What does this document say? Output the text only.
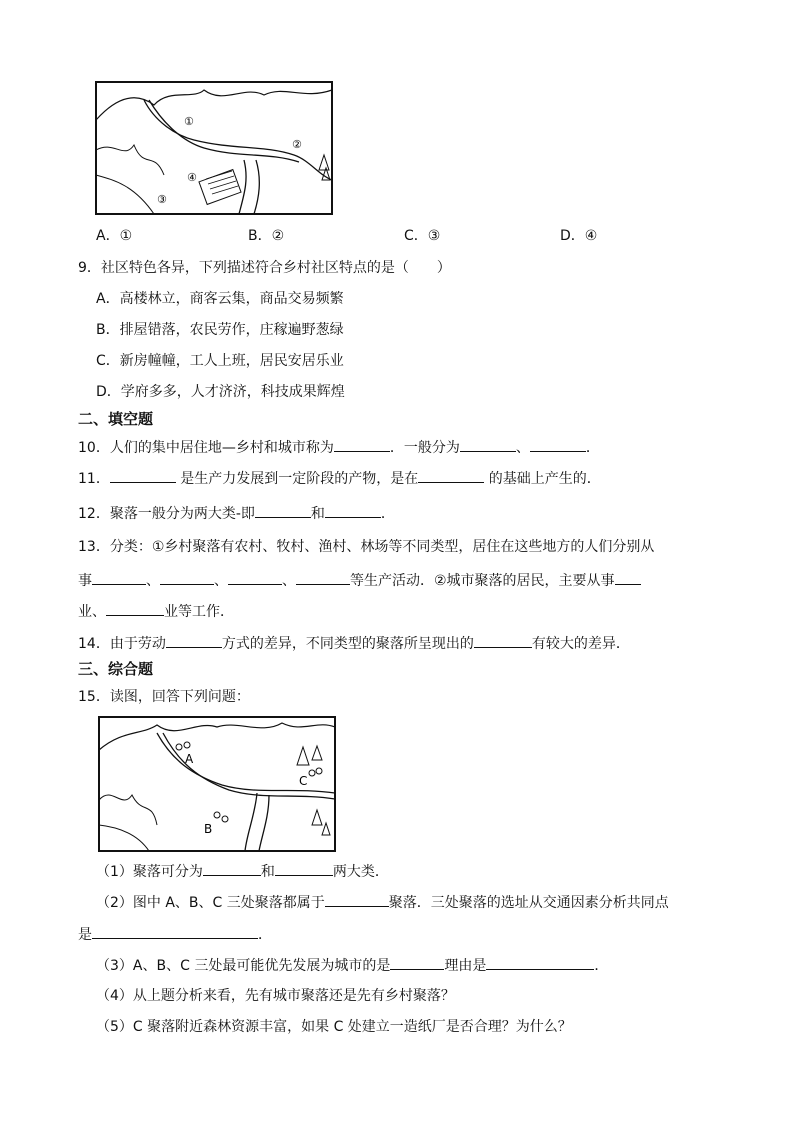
①
②
③
④
A．①	B．②	C．③	D．④
9．社区特色各异，下列描述符合乡村社区特点的是（　　）
A．高楼林立，商客云集，商品交易频繁
B．排屋错落，农民劳作，庄稼遍野葱绿
C．新房幢幢，工人上班，居民安居乐业
D．学府多多，人才济济，科技成果辉煌
二、填空题
10．人们的集中居住地—乡村和城市称为	．一般分为	、	．
11．	是生产力发展到一定阶段的产物，是在	的基础上产生的．
12．聚落一般分为两大类-即	和	．
13．分类：①乡村聚落有农村、牧村、渔村、林场等不同类型，居住在这些地方的人们分别从
事	、	、	、	等生产活动．②城市聚落的居民，主要从事
业、	业等工作．
14．由于劳动	方式的差异，不同类型的聚落所呈现出的	有较大的差异．
三、综合题
15．读图，回答下列问题：
A
B
C
（1）聚落可分为	和	两大类．
（2）图中 A、B、C 三处聚落都属于	聚落．三处聚落的选址从交通因素分析共同点
是	．
（3）A、B、C 三处最可能优先发展为城市的是	理由是	．
（4）从上题分析来看，先有城市聚落还是先有乡村聚落？
（5）C 聚落附近森林资源丰富，如果 C 处建立一造纸厂是否合理？为什么？
